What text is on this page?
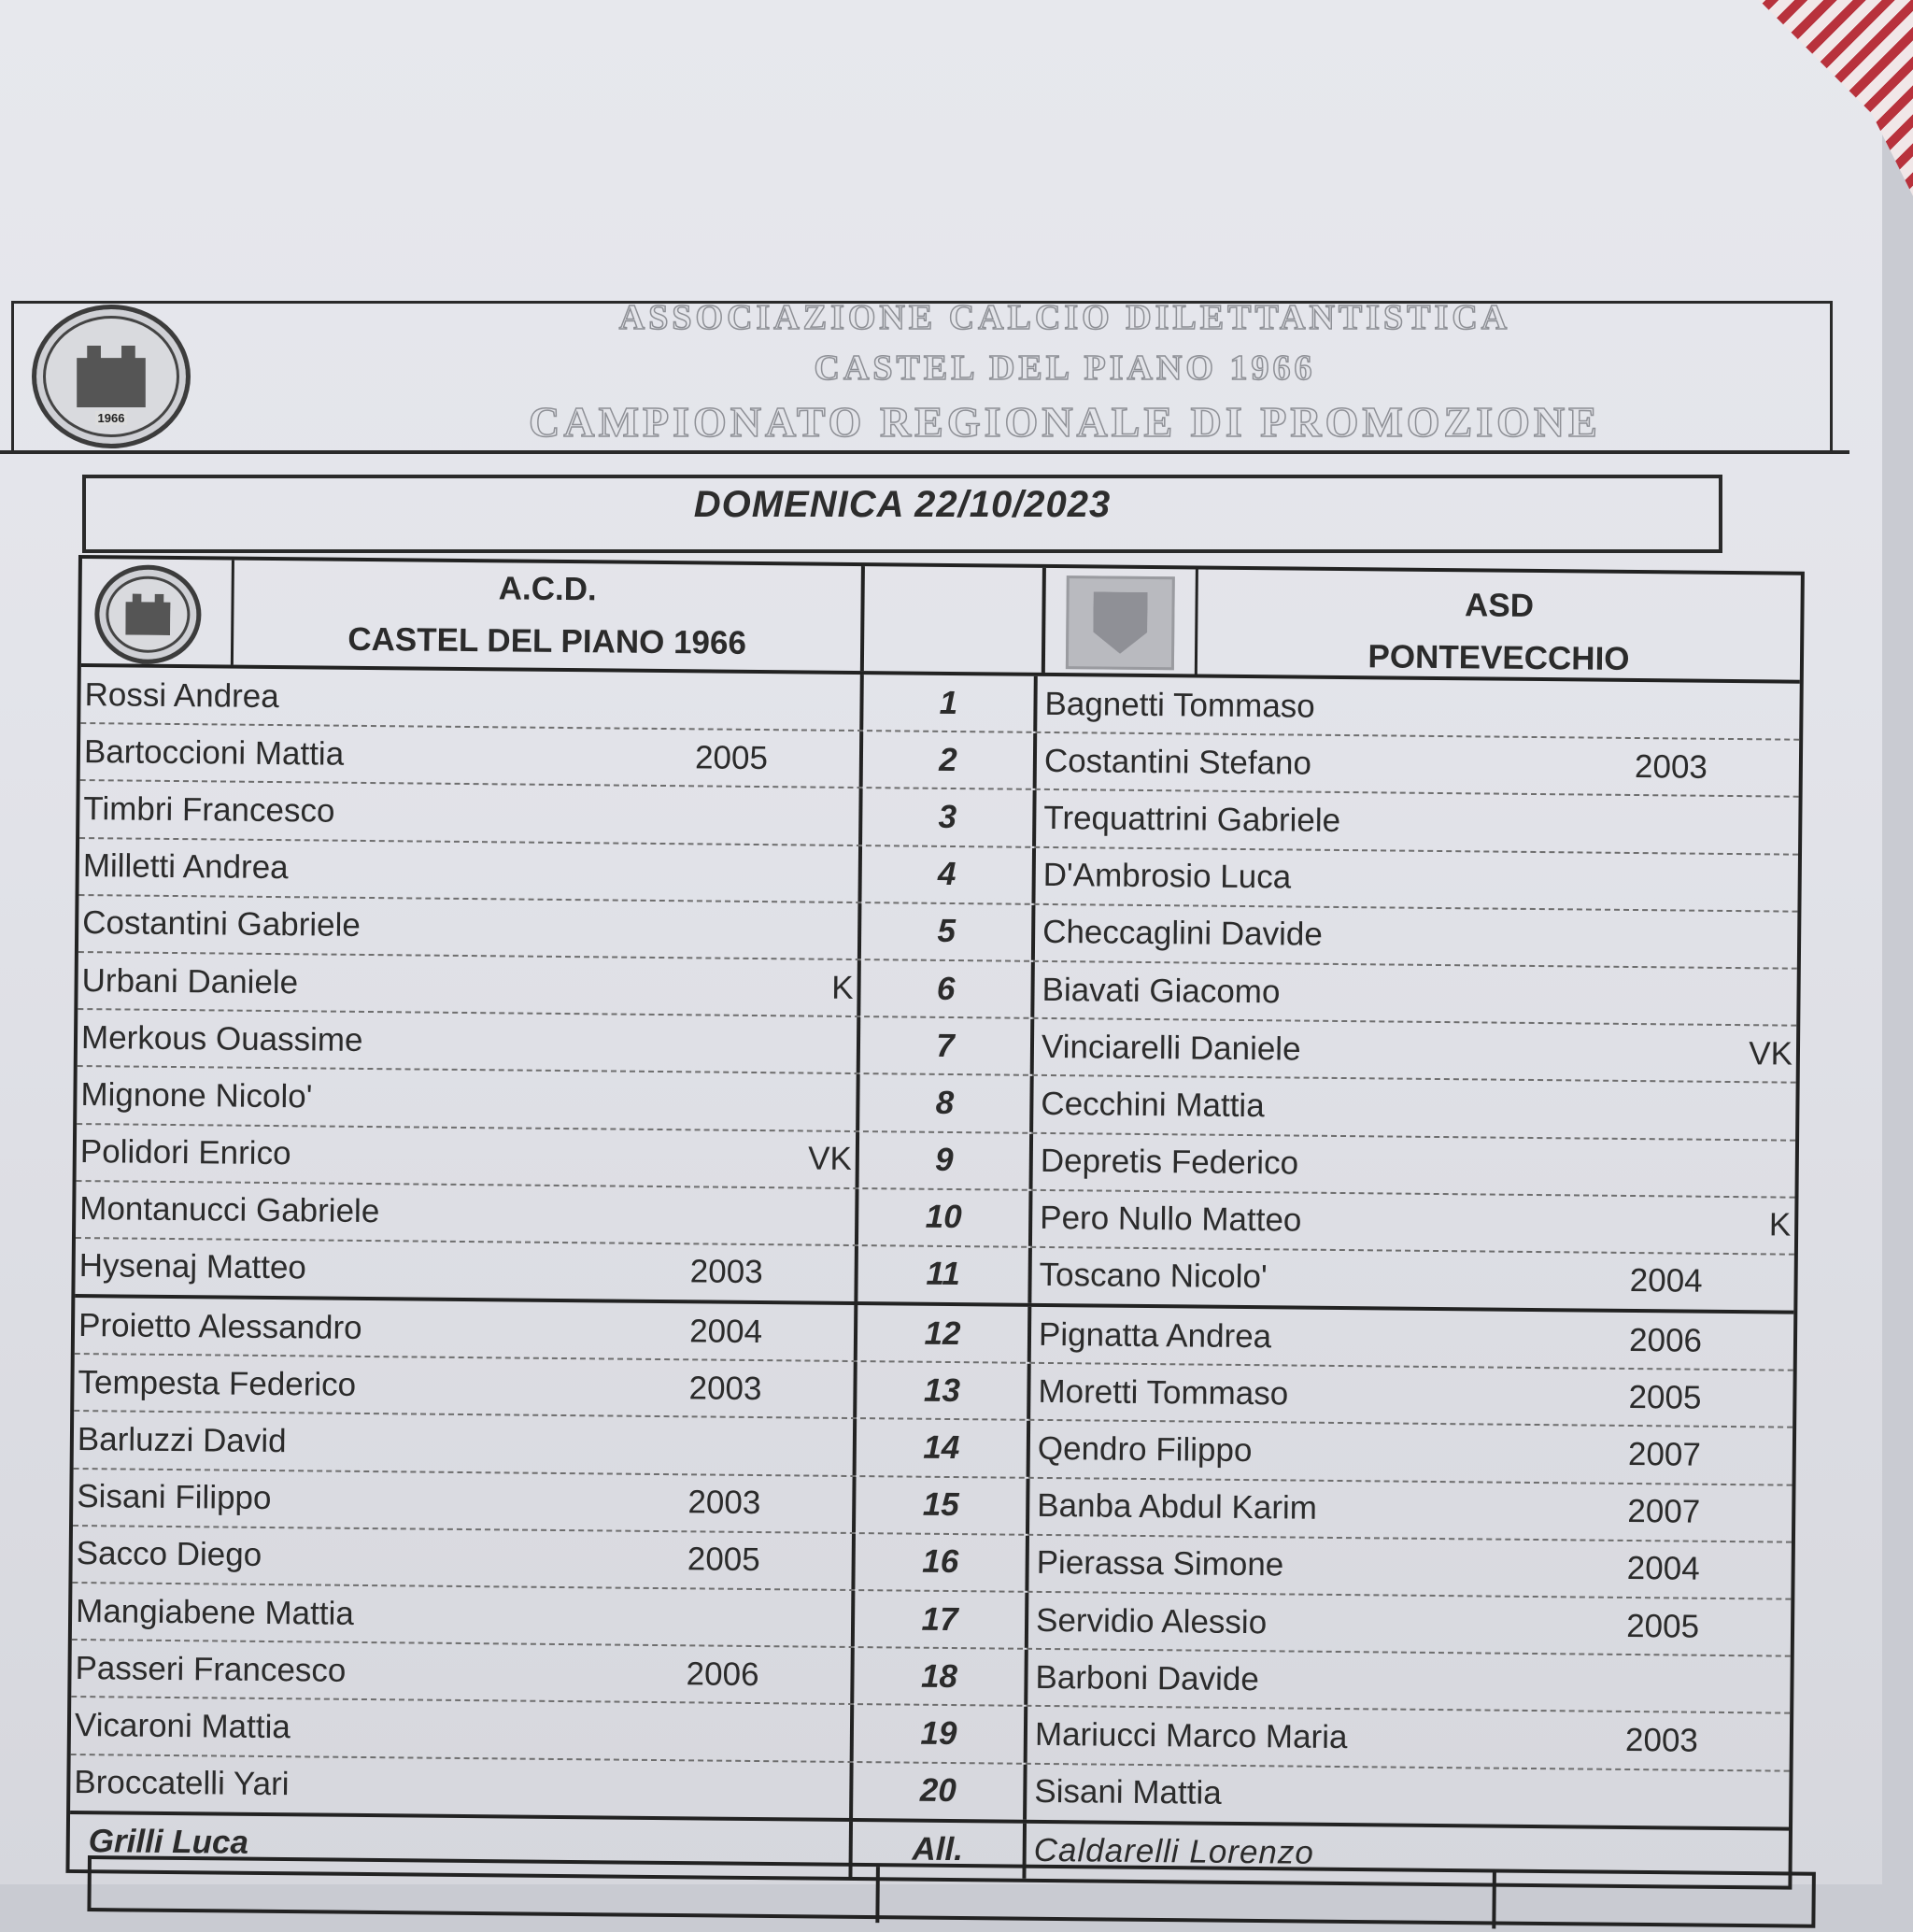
1966
ASSOCIAZIONE CALCIO DILETTANTISTICA
CASTEL DEL PIANO 1966
CAMPIONATO REGIONALE DI PROMOZIONE
DOMENICA 22/10/2023
A.C.D.
CASTEL DEL PIANO 1966
ASD
PONTEVECCHIO
Rossi Andrea	1	Bagnetti Tommaso
Bartoccioni Mattia	2005	2	Costantini Stefano	2003
Timbri Francesco	3	Trequattrini Gabriele
Milletti Andrea	4	D'Ambrosio Luca
Costantini Gabriele	5	Checcaglini Davide
Urbani Daniele	K	6	Biavati Giacomo
Merkous Ouassime	7	Vinciarelli Daniele	VK
Mignone Nicolo'	8	Cecchini Mattia
Polidori Enrico	VK	9	Depretis Federico
Montanucci Gabriele	10	Pero Nullo Matteo	K
Hysenaj Matteo	2003	11	Toscano Nicolo'	2004
Proietto Alessandro	2004	12	Pignatta Andrea	2006
Tempesta Federico	2003	13	Moretti Tommaso	2005
Barluzzi David	14	Qendro Filippo	2007
Sisani Filippo	2003	15	Banba Abdul Karim	2007
Sacco Diego	2005	16	Pierassa Simone	2004
Mangiabene Mattia	17	Servidio Alessio	2005
Passeri Francesco	2006	18	Barboni Davide
Vicaroni Mattia	19	Mariucci Marco Maria	2003
Broccatelli Yari	20	Sisani Mattia
Grilli Luca	All.	Caldarelli Lorenzo
